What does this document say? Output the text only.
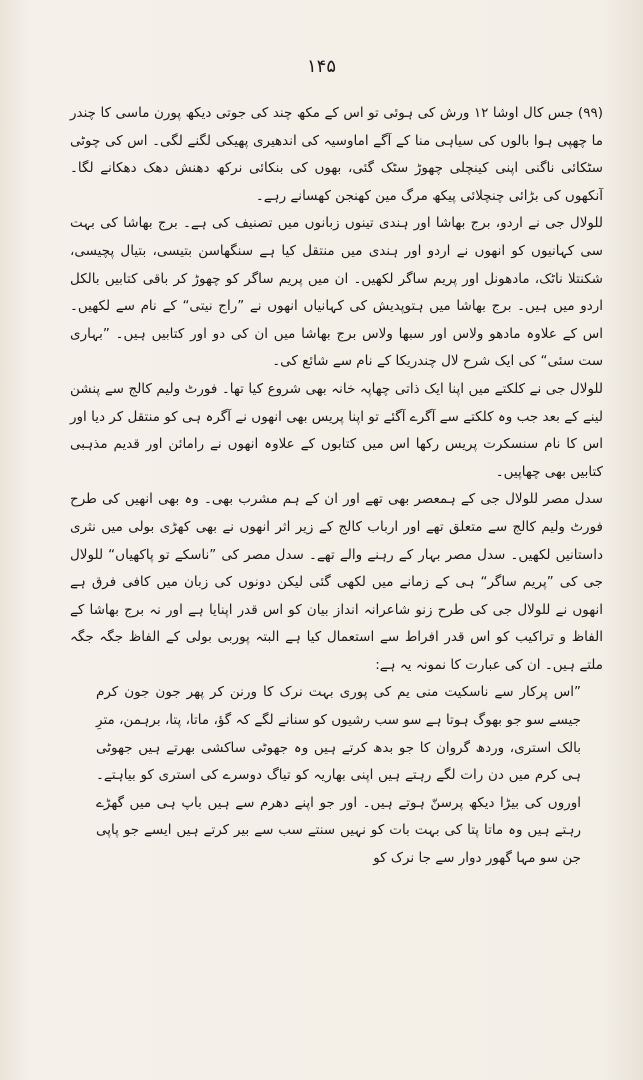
۱۴۵

(۹۹) جس کال اوشا ۱۲ ورش کی ہوئی تو اس کے مکھ چند کی جوتی دیکھ پورن ماسی کا چندر ما چھپی ہوا بالوں کی سیاہی منا کے آگے اماوسیہ کی اندھیری پھیکی لگنے لگی۔ اس کی چوٹی سٹکائی ناگنی اپنی کینچلی چھوڑ سٹک گئی، بھوں کی بنکائی نرکھ دھنش دھک دھکانے لگا۔ آنکھوں کی بڑائی چنچلائی پیکھ مرگ مین کھنجن کھسانے رہے۔

للولال جی نے اردو، برج بھاشا اور ہندی تینوں زبانوں میں تصنیف کی ہے۔ برج بھاشا کی بہت سی کہانیوں کو انھوں نے اردو اور ہندی میں منتقل کیا ہے سنگھاسن بتیسی، بتیال پچیسی، شکنتلا ناٹک، مادھونل اور پریم ساگر لکھیں۔ ان میں پریم ساگر کو چھوڑ کر باقی کتابیں بالکل اردو میں ہیں۔ برج بھاشا میں ہتوپدیش کی کہانیاں انھوں نے ”راج نیتی“ کے نام سے لکھیں۔ اس کے علاوہ مادھو ولاس اور سبھا ولاس برج بھاشا میں ان کی دو اور کتابیں ہیں۔ ”بہاری ست سئی“ کی ایک شرح لال چندریکا کے نام سے شائع کی۔

للولال جی نے کلکتے میں اپنا ایک ذاتی چھاپہ خانہ بھی شروع کیا تھا۔ فورٹ ولیم کالج سے پنشن لینے کے بعد جب وہ کلکتے سے آگرے آگئے تو اپنا پریس بھی انھوں نے آگرہ ہی کو منتقل کر دیا اور اس کا نام سنسکرت پریس رکھا اس میں کتابوں کے علاوہ انھوں نے رامائن اور قدیم مذہبی کتابیں بھی چھاپیں۔

سدل مصر للولال جی کے ہمعصر بھی تھے اور ان کے ہم مشرب بھی۔ وہ بھی انھیں کی طرح فورٹ ولیم کالج سے متعلق تھے اور ارباب کالج کے زیر اثر انھوں نے بھی کھڑی بولی میں نثری داستانیں لکھیں۔ سدل مصر بہار کے رہنے والے تھے۔ سدل مصر کی ”ناسکے تو پاکھیاں“ للولال جی کی ”پریم ساگر“ ہی کے زمانے میں لکھی گئی لیکن دونوں کی زبان میں کافی فرق ہے انھوں نے للولال جی کی طرح زنو شاعرانہ انداز بیان کو اس قدر اپنایا ہے اور نہ برج بھاشا کے الفاظ و تراکیب کو اس قدر افراط سے استعمال کیا ہے البتہ پوربی بولی کے الفاظ جگہ جگہ ملتے ہیں۔ ان کی عبارت کا نمونہ یہ ہے:

”اس پرکار سے ناسکیت منی یم کی پوری بہت نرک کا ورنن کر پھر جون جون کرم جیسے سو جو بھوگ ہوتا ہے سو سب رشیوں کو سنانے لگے کہ گؤ، ماتا، پتا، برہمن، مترِ بالک استری، وردھ گروان کا جو بدھ کرتے ہیں وہ جھوٹی ساکشی بھرتے ہیں جھوٹی ہی کرم میں دن رات لگے رہتے ہیں اپنی بھاریہ کو تیاگ دوسرے کی استری کو بیاہتے۔ اوروں کی بیڑا دیکھ پرسنّ ہوتے ہیں۔ اور جو اپنے دھرم سے ہیں باپ ہی میں گھڑے رہتے ہیں وہ ماتا پتا کی بہت بات کو نہیں سنتے سب سے بیر کرتے ہیں ایسے جو پاپی جن سو مہا گھور دوار سے جا نرک کو
